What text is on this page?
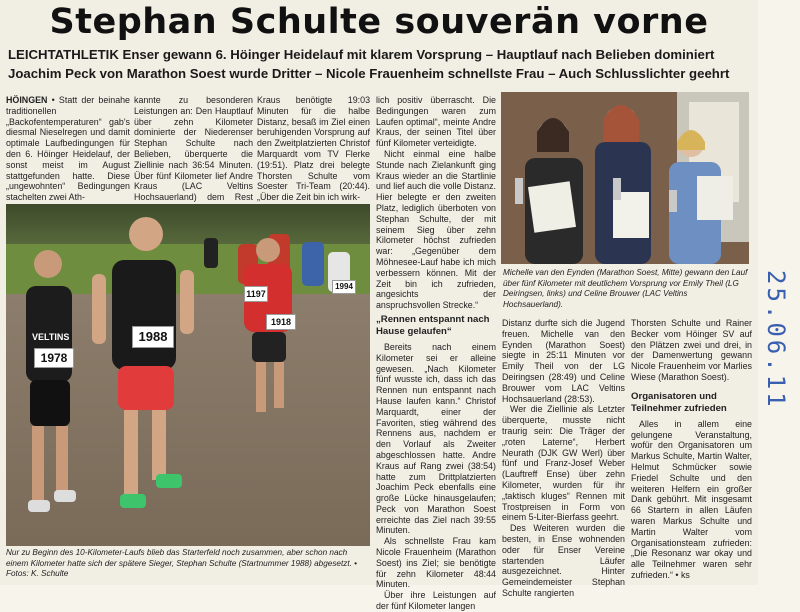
Stephan Schulte souverän vorne
LEICHTATHLETIK Enser gewann 6. Höinger Heidelauf mit klarem Vorsprung – Hauptlauf nach Belieben dominiert Joachim Peck von Marathon Soest wurde Dritter – Nicole Frauenheim schnellste Frau – Auch Schlusslichter geehrt

HÖINGEN • Statt der beinahe traditionellen „Backofentemperaturen“ gab's diesmal Nieselregen und damit optimale Laufbedingungen für den 6. Höinger Heidelauf, der sonst meist im August stattgefunden hatte. Diese „ungewohnten“ Bedingungen stachelten zwei Ath-

kannte zu besonderen Leistungen an: Den Hauptlauf über zehn Kilometer dominierte der Niederenser Stephan Schulte nach Belieben, überquerte die Ziellinie nach 36:54 Minuten. Über fünf Kilometer lief Andre Kraus (LAC Veltins Hochsauerland) dem Rest

Kraus benötigte 19:03 Minuten für die halbe Distanz, besaß im Ziel einen beruhigenden Vorsprung auf den Zweitplatzierten Christof Marquardt vom TV Flerke (19:51). Platz drei belegte Thorsten Schulte vom Soester Tri-Team (20:44). „Über die Zeit bin ich wirk-

1988
1978
1197
1918
1994
VELTINS
Nur zu Beginn des 10-Kilometer-Laufs blieb das Starterfeld noch zusammen, aber schon nach einem Kilometer hatte sich der spätere Sieger, Stephan Schulte (Startnummer 1988) abgesetzt. • Fotos: K. Schulte

lich positiv überrascht. Die Bedingungen waren zum Laufen optimal“, meinte Andre Kraus, der seinen Titel über fünf Kilometer verteidigte.

Nicht einmal eine halbe Stunde nach Zielankunft ging Kraus wieder an die Startlinie und lief auch die volle Distanz. Hier belegte er den zweiten Platz, lediglich überboten von Stephan Schulte, der mit seinem Sieg über zehn Kilometer höchst zufrieden war: „Gegenüber dem Möhnesee-Lauf habe ich mich verbessern können. Mit der Zeit bin ich zufrieden, angesichts der anspruchsvollen Strecke.“

„Rennen entspannt nach Hause gelaufen“

Bereits nach einem Kilometer sei er alleine gewesen. „Nach Kilometer fünf wusste ich, dass ich das Rennen nun entspannt nach Hause laufen kann.“ Christof Marquardt, einer der Favoriten, stieg während des Rennens aus, nachdem er den Vorlauf als Zweiter abgeschlossen hatte. Andre Kraus auf Rang zwei (38:54) hatte zum Drittplatzierten Joachim Peck ebenfalls eine große Lücke hinausgelaufen; Peck von Marathon Soest erreichte das Ziel nach 39:55 Minuten.

Als schnellste Frau kam Nicole Frauenheim (Marathon Soest) ins Ziel; sie benötigte für zehn Kilometer 48:44 Minuten.

Über ihre Leistungen auf der fünf Kilometer langen

Michelle van den Eynden (Marathon Soest, Mitte) gewann den Lauf über fünf Kilometer mit deutlichem Vorsprung vor Emily Theil (LG Deiringsen, links) und Celine Brouwer (LAC Veltins Hochsauerland).

Distanz durfte sich die Jugend freuen. Michelle van den Eynden (Marathon Soest) siegte in 25:11 Minuten vor Emily Theil von der LG Deiringsen (28:49) und Celine Brouwer vom LAC Veltins Hochsauerland (28:53).

Wer die Ziellinie als Letzter überquerte, musste nicht traurig sein: Die Träger der „roten Laterne“, Herbert Neurath (DJK GW Werl) über fünf und Franz-Josef Weber (Lauftreff Ense) über zehn Kilometer, wurden für ihr „taktisch kluges“ Rennen mit Trostpreisen in Form von einem 5-Liter-Bierfass geehrt.

Des Weiteren wurden die besten, in Ense wohnenden oder für Enser Vereine startenden Läufer ausgezeichnet. Hinter Gemeindemeister Stephan Schulte rangierten

Thorsten Schulte und Rainer Becker vom Höinger SV auf den Plätzen zwei und drei, in der Damenwertung gewann Nicole Frauenheim vor Marlies Wiese (Marathon Soest).

Organisatoren und Teilnehmer zufrieden

Alles in allem eine gelungene Veranstaltung, wofür den Organisatoren um Markus Schulte, Martin Walter, Helmut Schmücker sowie Friedel Schulte und den weiteren Helfern ein großer Dank gebührt. Mit insgesamt 66 Startern in allen Läufen waren Markus Schulte und Martin Walter vom Organisationsteam zufrieden: „Die Resonanz war okay und alle Teilnehmer waren sehr zufrieden.“ • ks

25.06.11
